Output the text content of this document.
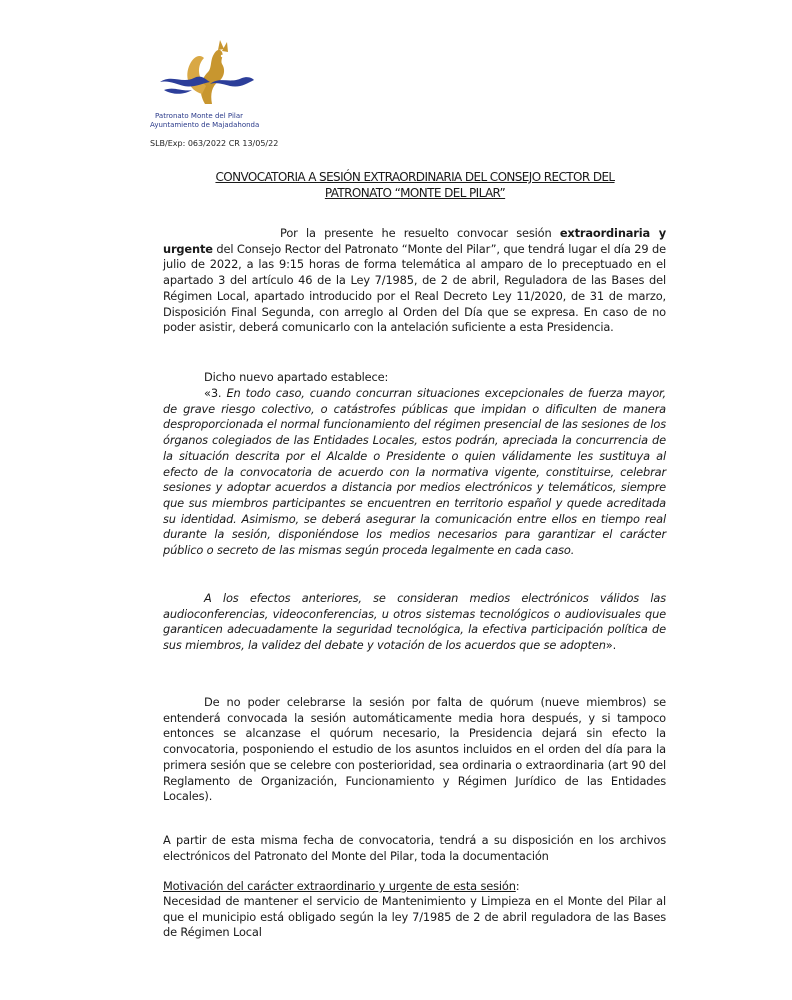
Patronato Monte del Pilar
Ayuntamiento de Majadahonda
SLB/Exp: 063/2022 CR 13/05/22
CONVOCATORIA A SESIÓN EXTRAORDINARIA DEL CONSEJO RECTOR DEL
PATRONATO “MONTE DEL PILAR”

Por la presente he resuelto convocar sesión extraordinaria y urgente del Consejo Rector del Patronato “Monte del Pilar”, que tendrá lugar el día 29 de julio de 2022, a las 9:15 horas de forma telemática al amparo de lo preceptuado en el apartado 3 del artículo 46 de la Ley 7/1985, de 2 de abril, Reguladora de las Bases del Régimen Local, apartado introducido por el Real Decreto Ley 11/2020, de 31 de marzo, Disposición Final Segunda, con arreglo al Orden del Día que se expresa. En caso de no poder asistir, deberá comunicarlo con la antelación suficiente a esta Presidencia.

Dicho nuevo apartado establece:

«3. En todo caso, cuando concurran situaciones excepcionales de fuerza mayor, de grave riesgo colectivo, o catástrofes públicas que impidan o dificulten de manera desproporcionada el normal funcionamiento del régimen presencial de las sesiones de los órganos colegiados de las Entidades Locales, estos podrán, apreciada la concurrencia de la situación descrita por el Alcalde o Presidente o quien válidamente les sustituya al efecto de la convocatoria de acuerdo con la normativa vigente, constituirse, celebrar sesiones y adoptar acuerdos a distancia por medios electrónicos y telemáticos, siempre que sus miembros participantes se encuentren en territorio español y quede acreditada su identidad. Asimismo, se deberá asegurar la comunicación entre ellos en tiempo real durante la sesión, disponiéndose los medios necesarios para garantizar el carácter público o secreto de las mismas según proceda legalmente en cada caso.

A los efectos anteriores, se consideran medios electrónicos válidos las audioconferencias, videoconferencias, u otros sistemas tecnológicos o audiovisuales que garanticen adecuadamente la seguridad tecnológica, la efectiva participación política de sus miembros, la validez del debate y votación de los acuerdos que se adopten».

De no poder celebrarse la sesión por falta de quórum (nueve miembros) se entenderá convocada la sesión automáticamente media hora después, y si tampoco entonces se alcanzase el quórum necesario, la Presidencia dejará sin efecto la convocatoria, posponiendo el estudio de los asuntos incluidos en el orden del día para la primera sesión que se celebre con posterioridad, sea ordinaria o extraordinaria (art 90 del Reglamento de Organización, Funcionamiento y Régimen Jurídico de las Entidades Locales).

A partir de esta misma fecha de convocatoria, tendrá a su disposición en los archivos electrónicos del Patronato del Monte del Pilar, toda la documentación

Motivación del carácter extraordinario y urgente de esta sesión:

Necesidad de mantener el servicio de Mantenimiento y Limpieza en el Monte del Pilar al que el municipio está obligado según la ley 7/1985 de 2 de abril reguladora de las Bases de Régimen Local
